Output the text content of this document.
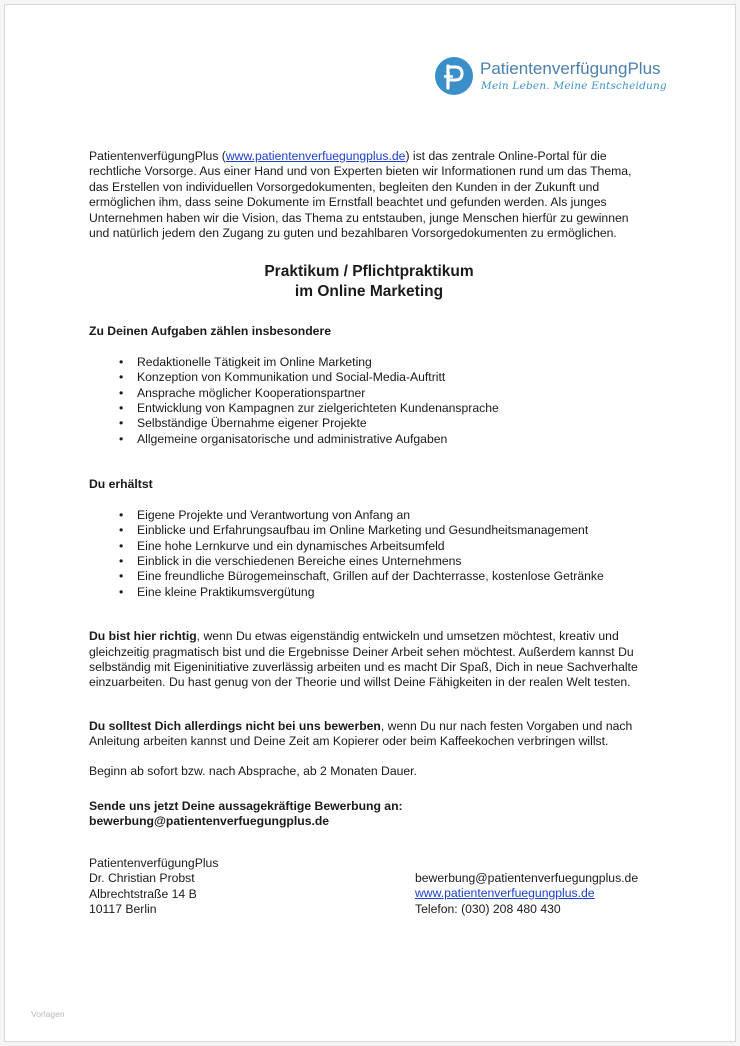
PatientenverfügungPlus
Mein Leben. Meine Entscheidung

PatientenverfügungPlus (www.patientenverfuegungplus.de) ist das zentrale Online-Portal für die rechtliche Vorsorge. Aus einer Hand und von Experten bieten wir Informationen rund um das Thema, das Erstellen von individuellen Vorsorgedokumenten, begleiten den Kunden in der Zukunft und ermöglichen ihm, dass seine Dokumente im Ernstfall beachtet und gefunden werden. Als junges Unternehmen haben wir die Vision, das Thema zu entstauben, junge Menschen hierfür zu gewinnen und natürlich jedem den Zugang zu guten und bezahlbaren Vorsorgedokumenten zu ermöglichen.

Praktikum / Pflichtpraktikum
im Online Marketing

Zu Deinen Aufgaben zählen insbesondere

• Redaktionelle Tätigkeit im Online Marketing
• Konzeption von Kommunikation und Social-Media-Auftritt
• Ansprache möglicher Kooperationspartner
• Entwicklung von Kampagnen zur zielgerichteten Kundenansprache
• Selbständige Übernahme eigener Projekte
• Allgemeine organisatorische und administrative Aufgaben

Du erhältst

• Eigene Projekte und Verantwortung von Anfang an
• Einblicke und Erfahrungsaufbau im Online Marketing und Gesundheitsmanagement
• Eine hohe Lernkurve und ein dynamisches Arbeitsumfeld
• Einblick in die verschiedenen Bereiche eines Unternehmens
• Eine freundliche Bürogemeinschaft, Grillen auf der Dachterrasse, kostenlose Getränke
• Eine kleine Praktikumsvergütung

Du bist hier richtig, wenn Du etwas eigenständig entwickeln und umsetzen möchtest, kreativ und gleichzeitig pragmatisch bist und die Ergebnisse Deiner Arbeit sehen möchtest. Außerdem kannst Du selbständig mit Eigeninitiative zuverlässig arbeiten und es macht Dir Spaß, Dich in neue Sachverhalte einzuarbeiten. Du hast genug von der Theorie und willst Deine Fähigkeiten in der realen Welt testen.

Du solltest Dich allerdings nicht bei uns bewerben, wenn Du nur nach festen Vorgaben und nach Anleitung arbeiten kannst und Deine Zeit am Kopierer oder beim Kaffeekochen verbringen willst.

Beginn ab sofort bzw. nach Absprache, ab 2 Monaten Dauer.

Sende uns jetzt Deine aussagekräftige Bewerbung an:
bewerbung@patientenverfuegungplus.de
PatientenverfügungPlus
Dr. Christian Probst
Albrechtstraße 14 B
10117 Berlin
bewerbung@patientenverfuegungplus.de
www.patientenverfuegungplus.de
Telefon: (030) 208 480 430
Vorlagen
